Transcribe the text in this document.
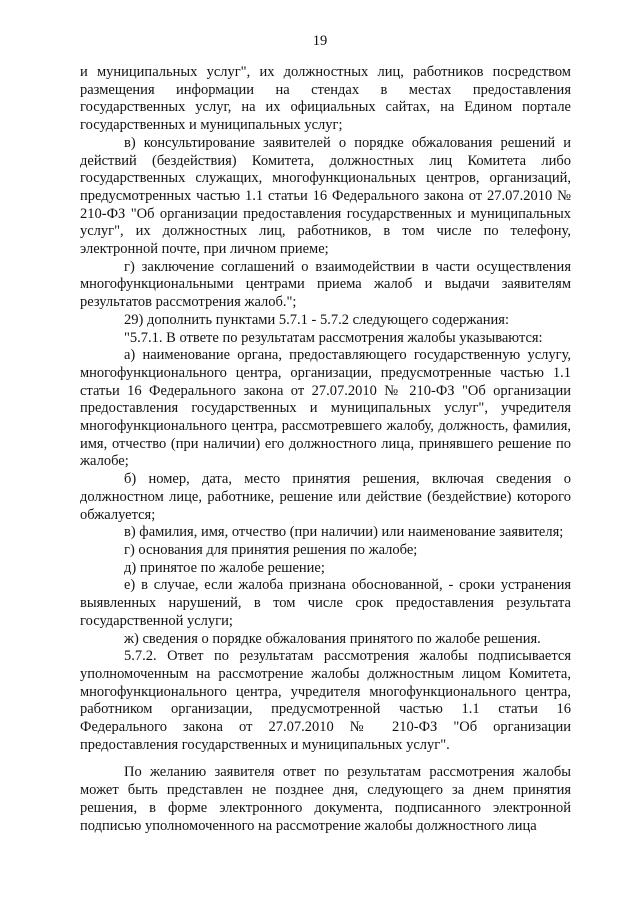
19

и муниципальных услуг", их должностных лиц, работников посредством размещения информации на стендах в местах предоставления государственных услуг, на их официальных сайтах, на Едином портале государственных и муниципальных услуг;

в) консультирование заявителей о порядке обжалования решений и действий (бездействия) Комитета, должностных лиц Комитета либо государственных служащих, многофункциональных центров, организаций, предусмотренных частью 1.1 статьи 16 Федерального закона от 27.07.2010 № 210-ФЗ "Об организации предоставления государственных и муниципальных услуг", их должностных лиц, работников, в том числе по телефону, электронной почте, при личном приеме;

г) заключение соглашений о взаимодействии в части осуществления многофункциональными центрами приема жалоб и выдачи заявителям результатов рассмотрения жалоб.";

29) дополнить пунктами 5.7.1 - 5.7.2 следующего содержания:

"5.7.1. В ответе по результатам рассмотрения жалобы указываются:

а) наименование органа, предоставляющего государственную услугу, многофункционального центра, организации, предусмотренные частью 1.1 статьи 16 Федерального закона от 27.07.2010 № 210-ФЗ "Об организации предоставления государственных и муниципальных услуг", учредителя многофункционального центра, рассмотревшего жалобу, должность, фамилия, имя, отчество (при наличии) его должностного лица, принявшего решение по жалобе;

б) номер, дата, место принятия решения, включая сведения о должностном лице, работнике, решение или действие (бездействие) которого обжалуется;

в) фамилия, имя, отчество (при наличии) или наименование заявителя;

г) основания для принятия решения по жалобе;

д) принятое по жалобе решение;

е) в случае, если жалоба признана обоснованной, - сроки устранения выявленных нарушений, в том числе срок предоставления результата государственной услуги;

ж) сведения о порядке обжалования принятого по жалобе решения.

5.7.2. Ответ по результатам рассмотрения жалобы подписывается уполномоченным на рассмотрение жалобы должностным лицом Комитета, многофункционального центра, учредителя многофункционального центра, работником организации, предусмотренной частью 1.1 статьи 16 Федерального закона от 27.07.2010 № 210-ФЗ "Об организации предоставления государственных и муниципальных услуг".

По желанию заявителя ответ по результатам рассмотрения жалобы может быть представлен не позднее дня, следующего за днем принятия решения, в форме электронного документа, подписанного электронной подписью уполномоченного на рассмотрение жалобы должностного лица
